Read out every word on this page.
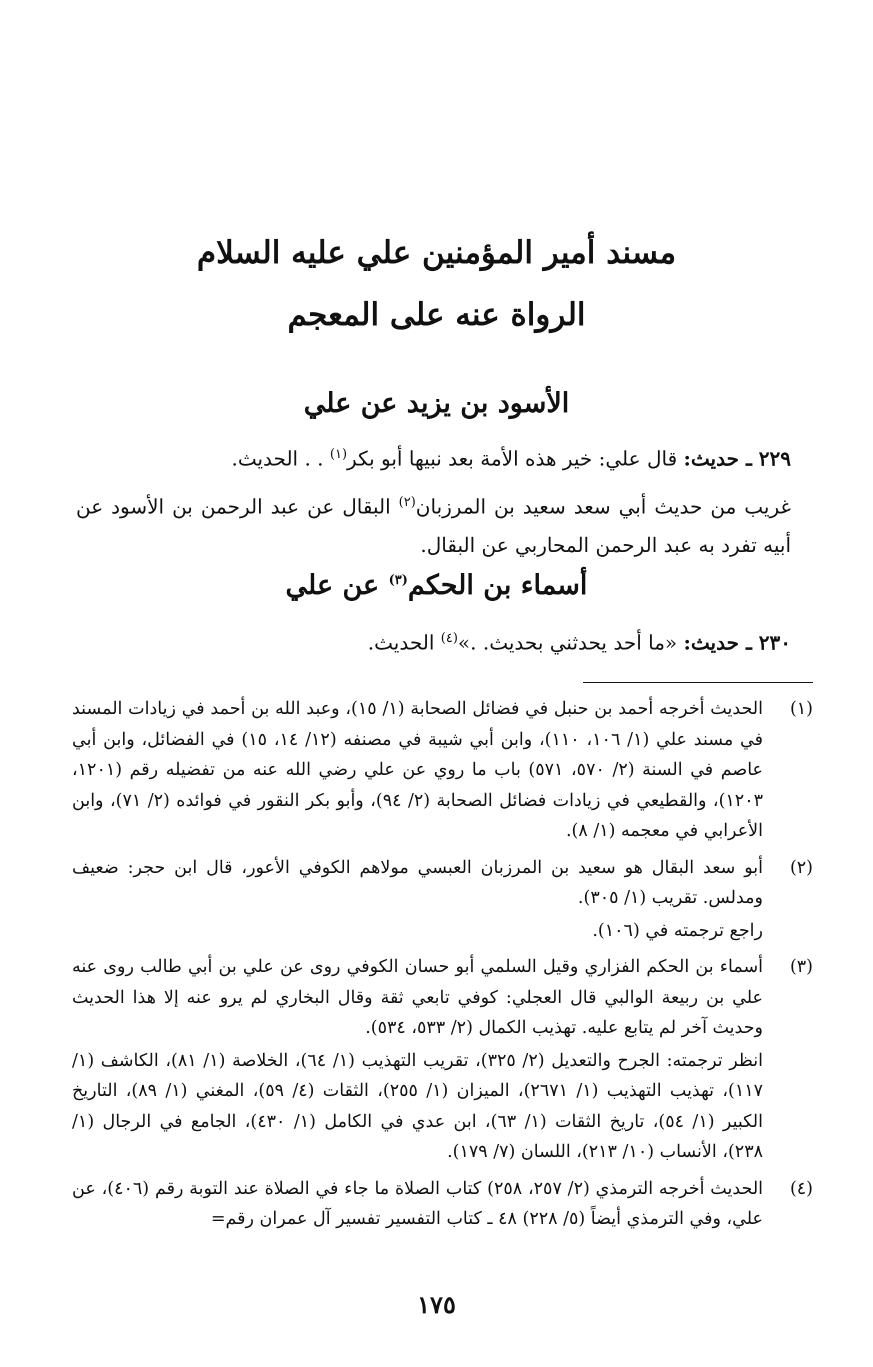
مسند أمير المؤمنين علي عليه السلام
الرواة عنه على المعجم
الأسود بن يزيد عن علي
٢٢٩ ـ حديث: قال علي: خير هذه الأمة بعد نبيها أبو بكر$^{(١)}$ . . الحديث.
غريب من حديث أبي سعد سعيد بن المرزبان$^{(٢)}$ البقال عن عبد الرحمن بن الأسود عن أبيه تفرد به عبد الرحمن المحاربي عن البقال.
أسماء بن الحكم$^{(٣)}$ عن علي
٢٣٠ ـ حديث: «ما أحد يحدثني بحديث. .»$^{(٤)}$ الحديث.
(١)

الحديث أخرجه أحمد بن حنبل في فضائل الصحابة (١/ ١٥)، وعبد الله بن أحمد في زيادات المسند في مسند علي (١/ ١٠٦، ١١٠)، وابن أبي شيبة في مصنفه (١٢/ ١٤، ١٥) في الفضائل، وابن أبي عاصم في السنة (٢/ ٥٧٠، ٥٧١) باب ما روي عن علي رضي الله عنه من تفضيله رقم (١٢٠١، ١٢٠٣)، والقطيعي في زيادات فضائل الصحابة (٢/ ٩٤)، وأبو بكر النقور في فوائده (٢/ ٧١)، وابن الأعرابي في معجمه (١/ ٨).

(٢)

أبو سعد البقال هو سعيد بن المرزبان العبسي مولاهم الكوفي الأعور، قال ابن حجر: ضعيف ومدلس. تقريب (١/ ٣٠٥).

راجع ترجمته في (١٠٦).

(٣)

أسماء بن الحكم الفزاري وقيل السلمي أبو حسان الكوفي روى عن علي بن أبي طالب روى عنه علي بن ربيعة الوالبي قال العجلي: كوفي تابعي ثقة وقال البخاري لم يرو عنه إلا هذا الحديث وحديث آخر لم يتابع عليه. تهذيب الكمال (٢/ ٥٣٣، ٥٣٤).

انظر ترجمته: الجرح والتعديل (٢/ ٣٢٥)، تقريب التهذيب (١/ ٦٤)، الخلاصة (١/ ٨١)، الكاشف (١/ ١١٧)، تهذيب التهذيب (١/ ٢٦٧١)، الميزان (١/ ٢٥٥)، الثقات (٤/ ٥٩)، المغني (١/ ٨٩)، التاريخ الكبير (١/ ٥٤)، تاريخ الثقات (١/ ٦٣)، ابن عدي في الكامل (١/ ٤٣٠)، الجامع في الرجال (١/ ٢٣٨)، الأنساب (١٠/ ٢١٣)، اللسان (٧/ ١٧٩).

(٤)

الحديث أخرجه الترمذي (٢/ ٢٥٧، ٢٥٨) كتاب الصلاة ما جاء في الصلاة عند التوبة رقم (٤٠٦)، عن علي، وفي الترمذي أيضاً (٥/ ٢٢٨) ٤٨ ـ كتاب التفسير تفسير آل عمران رقم=

١٧٥
